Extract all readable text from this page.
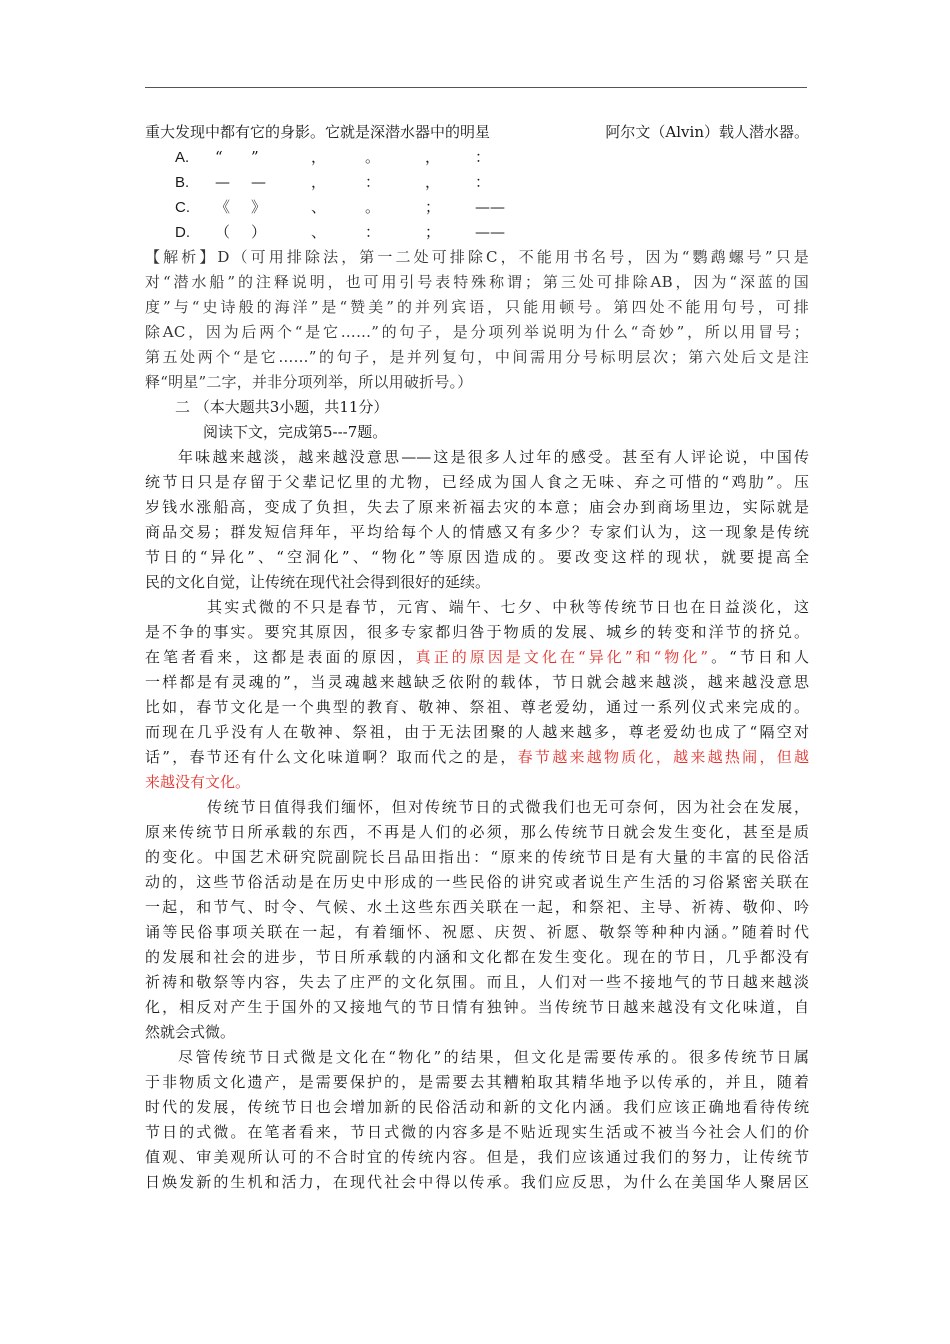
重大发现中都有它的身影。它就是深潜水器中的明星	阿尔文（Alvin）载人潜水器。
A.	“	”	，	。	，	：
B.	—	—	，	：	，	：
C.	《	》	、	。	；	——
D.	（	）	、	：	；	——
【解析】D（可用排除法，第一二处可排除C，不能用书名号，因为“鹦鹉螺号”只是
对“潜水船”的注释说明，也可用引号表特殊称谓；第三处可排除AB，因为“深蓝的国
度”与“史诗般的海洋”是“赞美”的并列宾语，只能用顿号。第四处不能用句号，可排
除AC，因为后两个“是它……”的句子，是分项列举说明为什么“奇妙”，所以用冒号；
第五处两个“是它……”的句子，是并列复句，中间需用分号标明层次；第六处后文是注
释“明星”二字，并非分项列举，所以用破折号。）
二 （本大题共3小题，共11分）
阅读下文，完成第5---7题。
年味越来越淡，越来越没意思——这是很多人过年的感受。甚至有人评论说，中国传
统节日只是存留于父辈记忆里的尤物，已经成为国人食之无味、弃之可惜的“鸡肋”。压
岁钱水涨船高，变成了负担，失去了原来祈福去灾的本意；庙会办到商场里边，实际就是
商品交易；群发短信拜年，平均给每个人的情感又有多少？专家们认为，这一现象是传统
节日的“异化”、“空洞化”、“物化”等原因造成的。要改变这样的现状，就要提高全
民的文化自觉，让传统在现代社会得到很好的延续。
其实式微的不只是春节，元宵、端午、七夕、中秋等传统节日也在日益淡化，这
是不争的事实。要究其原因，很多专家都归咎于物质的发展、城乡的转变和洋节的挤兑。
在笔者看来，这都是表面的原因，真正的原因是文化在“异化”和“物化”。“节日和人
一样都是有灵魂的”，当灵魂越来越缺乏依附的载体，节日就会越来越淡，越来越没意思
比如，春节文化是一个典型的教育、敬神、祭祖、尊老爱幼，通过一系列仪式来完成的。
而现在几乎没有人在敬神、祭祖，由于无法团聚的人越来越多，尊老爱幼也成了“隔空对
话”，春节还有什么文化味道啊？取而代之的是，春节越来越物质化，越来越热闹，但越
来越没有文化。
传统节日值得我们缅怀，但对传统节日的式微我们也无可奈何，因为社会在发展，
原来传统节日所承载的东西，不再是人们的必须，那么传统节日就会发生变化，甚至是质
的变化。中国艺术研究院副院长吕品田指出：“原来的传统节日是有大量的丰富的民俗活
动的，这些节俗活动是在历史中形成的一些民俗的讲究或者说生产生活的习俗紧密关联在
一起，和节气、时令、气候、水土这些东西关联在一起，和祭祀、主导、祈祷、敬仰、吟
诵等民俗事项关联在一起，有着缅怀、祝愿、庆贺、祈愿、敬祭等种种内涵。”随着时代
的发展和社会的进步，节日所承载的内涵和文化都在发生变化。现在的节日，几乎都没有
祈祷和敬祭等内容，失去了庄严的文化氛围。而且，人们对一些不接地气的节日越来越淡
化，相反对产生于国外的又接地气的节日情有独钟。当传统节日越来越没有文化味道，自
然就会式微。
尽管传统节日式微是文化在“物化”的结果，但文化是需要传承的。很多传统节日属
于非物质文化遗产，是需要保护的，是需要去其糟粕取其精华地予以传承的，并且，随着
时代的发展，传统节日也会增加新的民俗活动和新的文化内涵。我们应该正确地看待传统
节日的式微。在笔者看来，节日式微的内容多是不贴近现实生活或不被当今社会人们的价
值观、审美观所认可的不合时宜的传统内容。但是，我们应该通过我们的努力，让传统节
日焕发新的生机和活力，在现代社会中得以传承。我们应反思，为什么在美国华人聚居区
